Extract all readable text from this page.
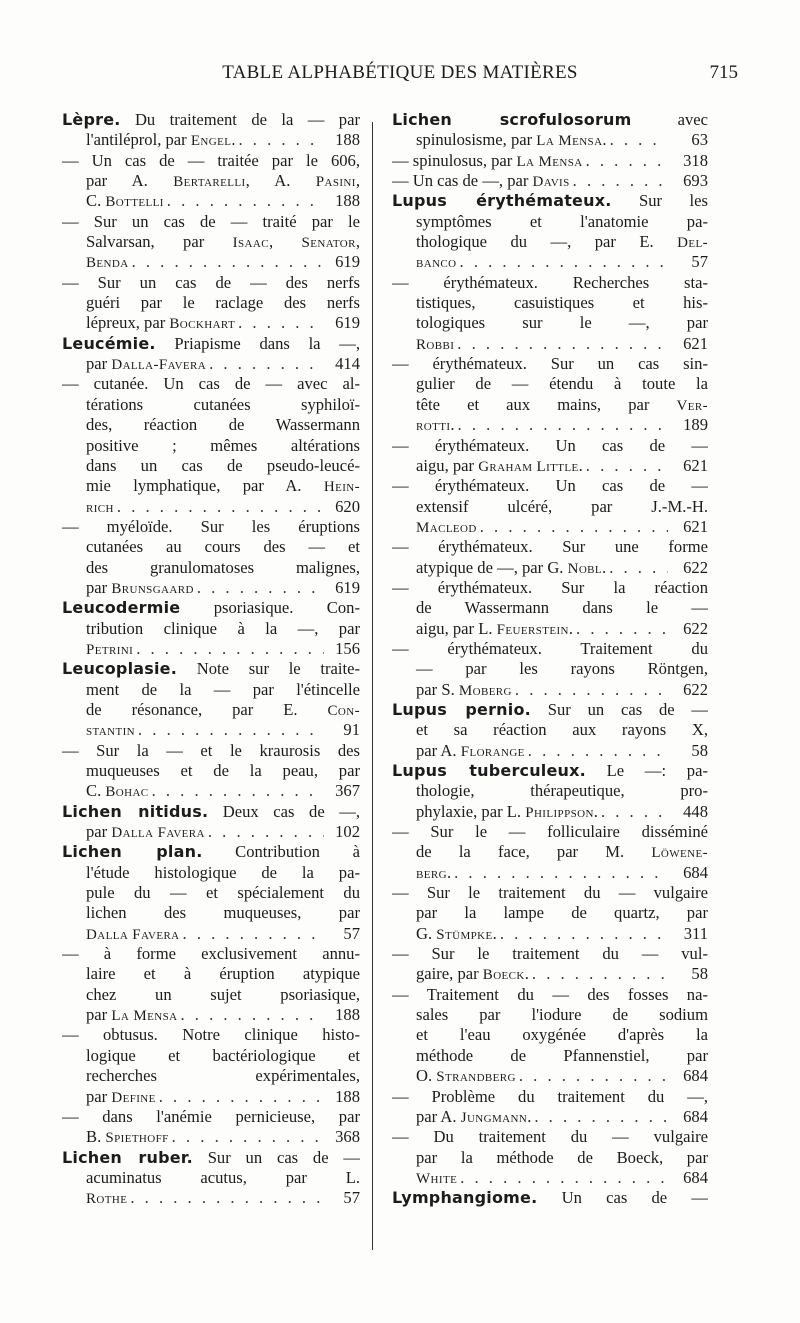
TABLE ALPHABÉTIQUE DES MATIÈRES	715
Lèpre. Du traitement de la — par
l'antiléprol, par Engel. . . .	188
— Un cas de — traitée par le 606,
par A. Bertarelli, A. Pasini,
C. Bottelli . . .	188
— Sur un cas de — traité par le
Salvarsan, par Isaac, Senator,
Benda . . .	619
— Sur un cas de — des nerfs
guéri par le raclage des nerfs
lépreux, par Bockhart . . .	619
Leucémie. Priapisme dans la —,
par Dalla-Favera . . .	414
— cutanée. Un cas de — avec al-
térations cutanées syphiloï-
des, réaction de Wassermann
positive ; mêmes altérations
dans un cas de pseudo-leucé-
mie lymphatique, par A. Hein-
rich . . .	620
— myéloïde. Sur les éruptions
cutanées au cours des — et
des granulomatoses malignes,
par Brunsgaard . . .	619
Leucodermie psoriasique. Con-
tribution clinique à la —, par
Petrini . . .	156
Leucoplasie. Note sur le traite-
ment de la — par l'étincelle
de résonance, par E. Con-
stantin . . .	91
— Sur la — et le kraurosis des
muqueuses et de la peau, par
C. Bohac . . .	367
Lichen nitidus. Deux cas de —,
par Dalla Favera . . .	102
Lichen plan. Contribution à
l'étude histologique de la pa-
pule du — et spécialement du
lichen des muqueuses, par
Dalla Favera . . .	57
— à forme exclusivement annu-
laire et à éruption atypique
chez un sujet psoriasique,
par La Mensa . . .	188
— obtusus. Notre clinique histo-
logique et bactériologique et
recherches expérimentales,
par Define . . .	188
— dans l'anémie pernicieuse, par
B. Spiethoff . . .	368
Lichen ruber. Sur un cas de —
acuminatus acutus, par L.
Rothe . . .	57
Lichen scrofulosorum avec
spinulosisme, par La Mensa. . . .	63
— spinulosus, par La Mensa . . .	318
— Un cas de —, par Davis . . .	693
Lupus érythémateux. Sur les
symptômes et l'anatomie pa-
thologique du —, par E. Del-
banco . . .	57
— érythémateux. Recherches sta-
tistiques, casuistiques et his-
tologiques sur le —, par
Robbi . . .	621
— érythémateux. Sur un cas sin-
gulier de — étendu à toute la
tête et aux mains, par Ver-
rotti. . . .	189
— érythémateux. Un cas de —
aigu, par Graham Little. . . .	621
— érythémateux. Un cas de —
extensif ulcéré, par J.-M.-H.
Macleod . . .	621
— érythémateux. Sur une forme
atypique de —, par G. Nobl. . . .	622
— érythémateux. Sur la réaction
de Wassermann dans le —
aigu, par L. Feuerstein. . . .	622
— érythémateux. Traitement du
— par les rayons Röntgen,
par S. Moberg . . .	622
Lupus pernio. Sur un cas de —
et sa réaction aux rayons X,
par A. Florange . . .	58
Lupus tuberculeux. Le —: pa-
thologie, thérapeutique, pro-
phylaxie, par L. Philippson. . . .	448
— Sur le — folliculaire disséminé
de la face, par M. Löwene-
berg. . . .	684
— Sur le traitement du — vulgaire
par la lampe de quartz, par
G. Stümpke. . . .	311
— Sur le traitement du — vul-
gaire, par Boeck. . . .	58
— Traitement du — des fosses na-
sales par l'iodure de sodium
et l'eau oxygénée d'après la
méthode de Pfannenstiel, par
O. Strandberg . . .	684
— Problème du traitement du —,
par A. Jungmann. . . .	684
— Du traitement du — vulgaire
par la méthode de Boeck, par
White . . .	684
Lymphangiome. Un cas de —
